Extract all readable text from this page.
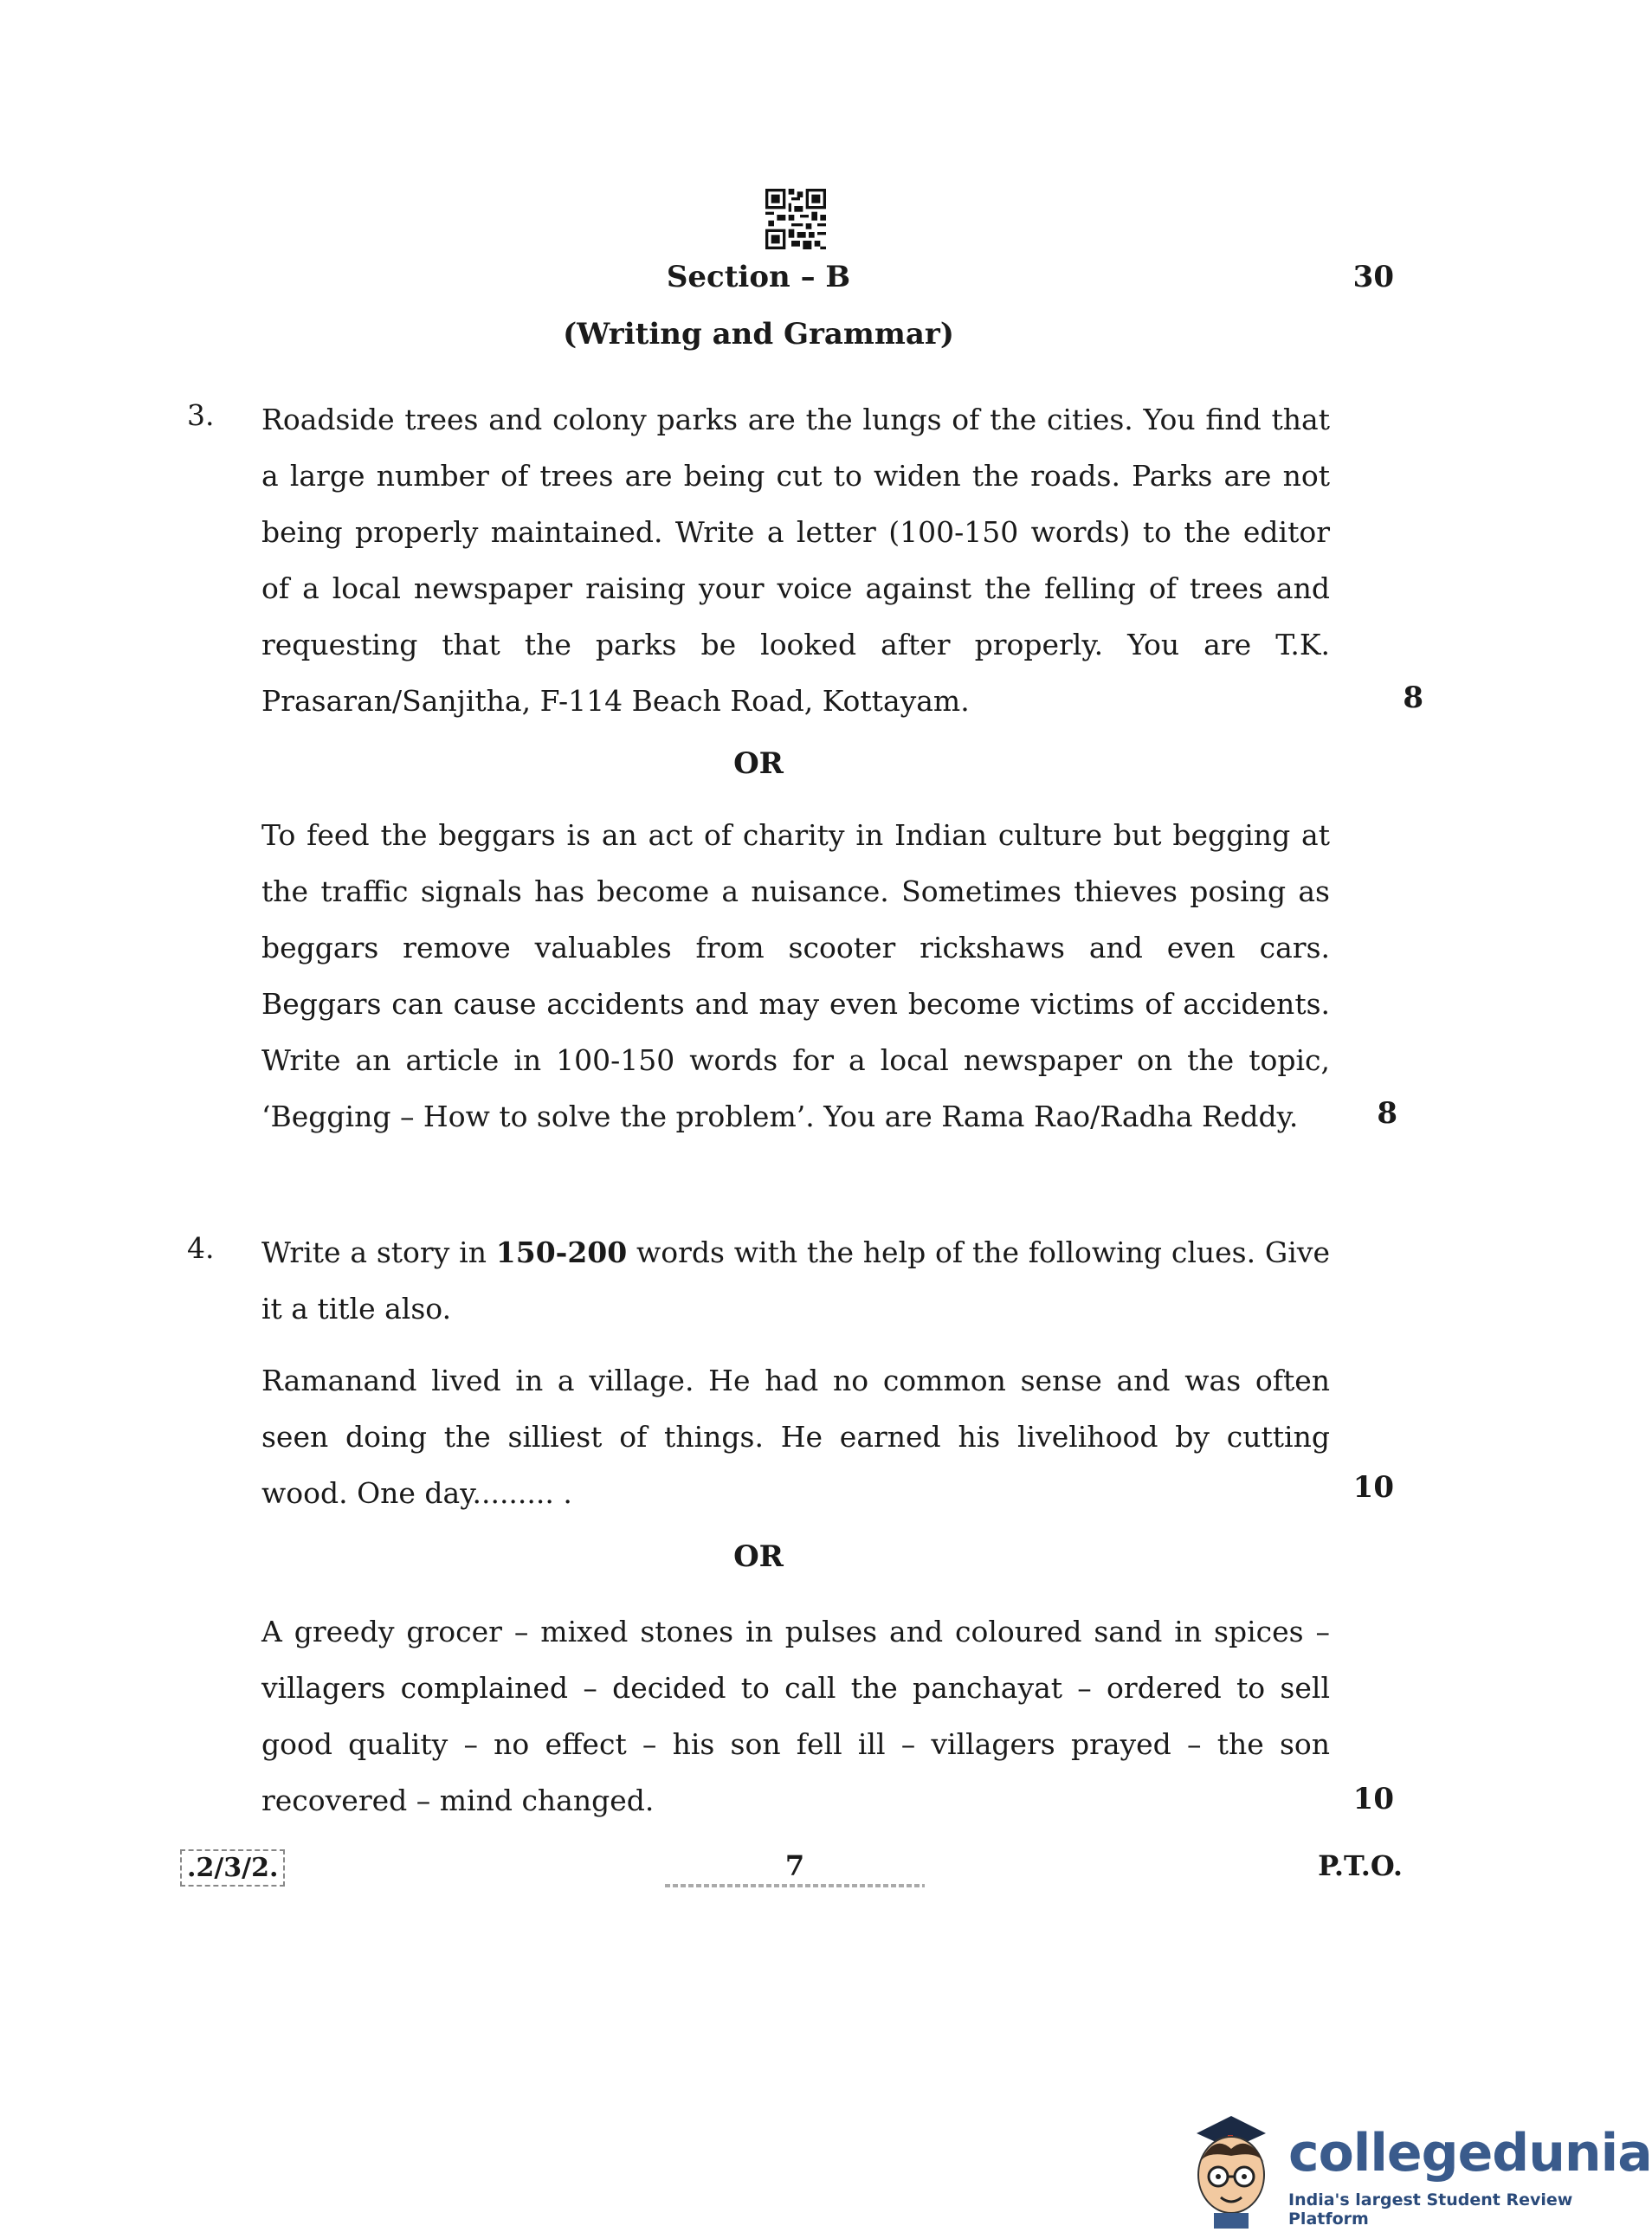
Section – B	30
(Writing and Grammar)
3. Roadside trees and colony parks are the lungs of the cities. You find that a large number of trees are being cut to widen the roads. Parks are not being properly maintained. Write a letter (100-150 words) to the editor of a local newspaper raising your voice against the felling of trees and requesting that the parks be looked after properly. You are T.K. Prasaran/Sanjitha, F-114 Beach Road, Kottayam.	8
OR
To feed the beggars is an act of charity in Indian culture but begging at the traffic signals has become a nuisance. Sometimes thieves posing as beggars remove valuables from scooter rickshaws and even cars. Beggars can cause accidents and may even become victims of accidents. Write an article in 100-150 words for a local newspaper on the topic, ‘Begging – How to solve the problem’. You are Rama Rao/Radha Reddy.	8
4. Write a story in 150-200 words with the help of the following clues. Give it a title also.
Ramanand lived in a village. He had no common sense and was often seen doing the silliest of things. He earned his livelihood by cutting wood. One day......... .	10
OR
A greedy grocer – mixed stones in pulses and coloured sand in spices – villagers complained – decided to call the panchayat – ordered to sell good quality – no effect – his son fell ill – villagers prayed – the son recovered – mind changed.	10
.2/3/2.	7	P.T.O.
collegedunia
India's largest Student Review Platform
